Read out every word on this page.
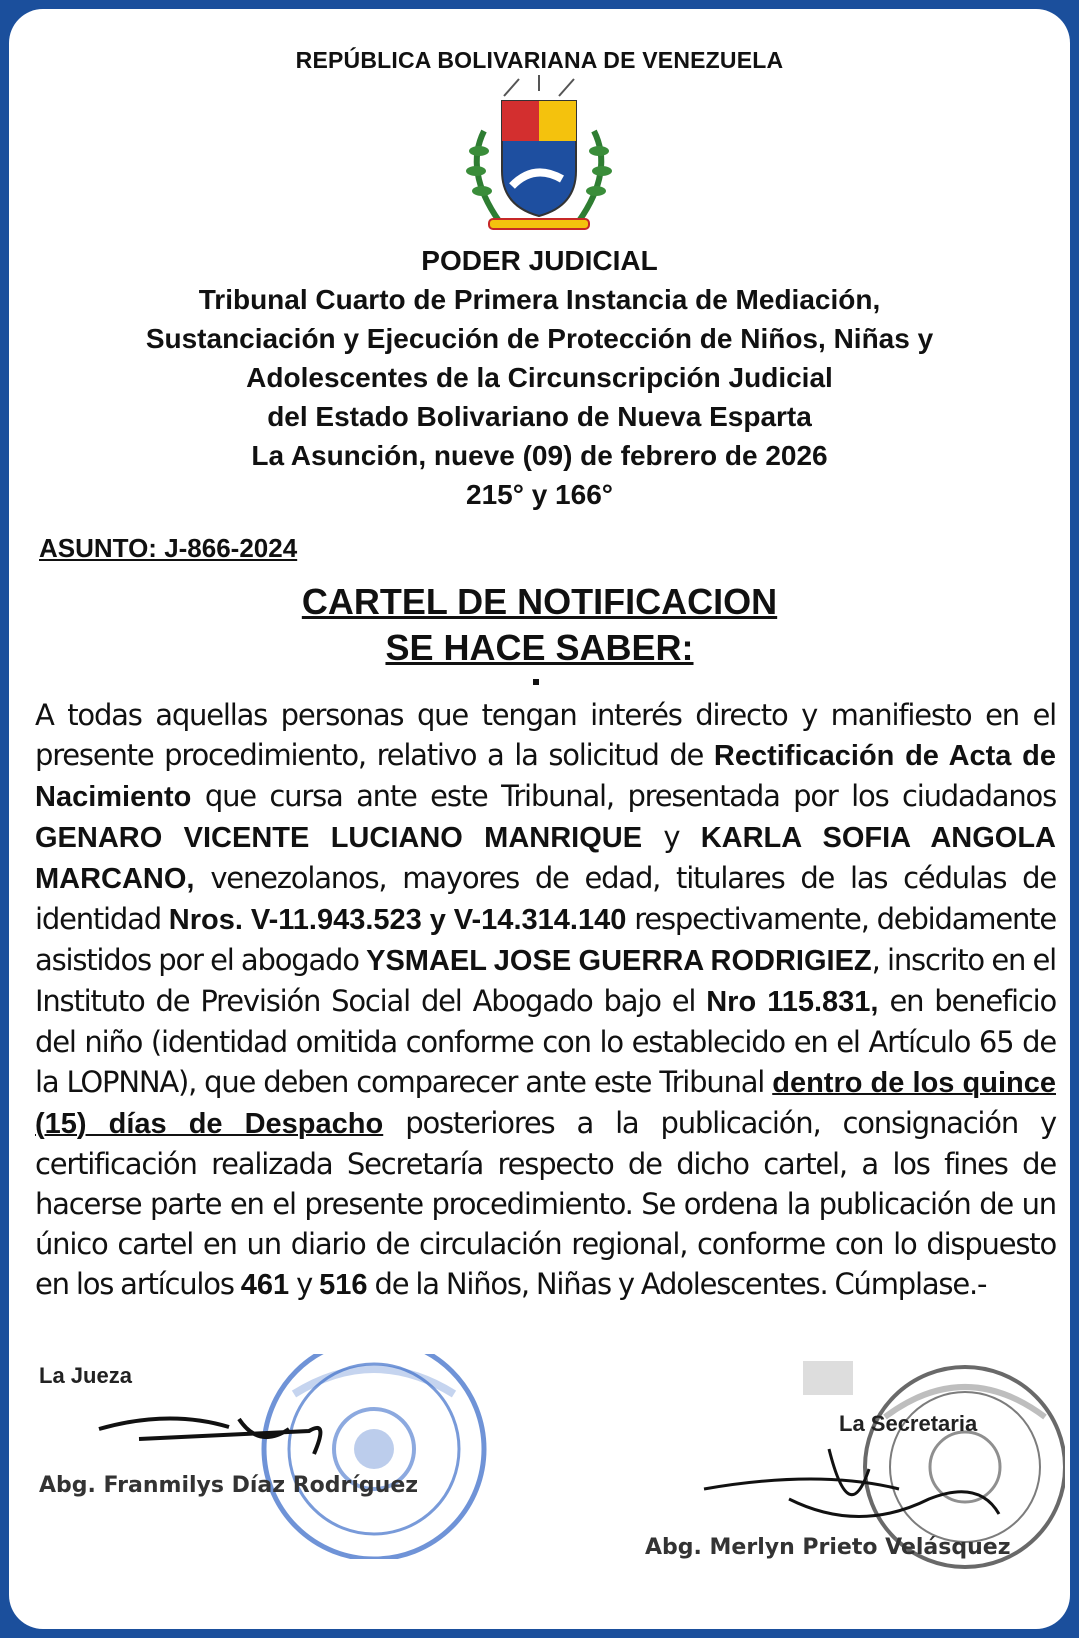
REPÚBLICA BOLIVARIANA DE VENEZUELA
PODER JUDICIAL
Tribunal Cuarto de Primera Instancia de Mediación,
Sustanciación y Ejecución de Protección de Niños, Niñas y
Adolescentes de la Circunscripción Judicial
del Estado Bolivariano de Nueva Esparta
La Asunción, nueve (09) de febrero de 2026
215° y 166°
ASUNTO: J-866-2024
CARTEL DE NOTIFICACION
SE HACE SABER:
A todas aquellas personas que tengan interés directo y manifiesto en el presente procedimiento, relativo a la solicitud de Rectificación de Acta de Nacimiento que cursa ante este Tribunal, presentada por los ciudadanos GENARO VICENTE LUCIANO MANRIQUE y KARLA SOFIA ANGOLA MARCANO, venezolanos, mayores de edad, titulares de las cédulas de identidad Nros. V-11.943.523 y V-14.314.140 respectivamente, debidamente asistidos por el abogado YSMAEL JOSE GUERRA RODRIGIEZ, inscrito en el Instituto de Previsión Social del Abogado bajo el Nro 115.831, en beneficio del niño (identidad omitida conforme con lo establecido en el Artículo 65 de la LOPNNA), que deben comparecer ante este Tribunal dentro de los quince (15) días de Despacho posteriores a la publicación, consignación y certificación realizada Secretaría respecto de dicho cartel, a los fines de hacerse parte en el presente procedimiento. Se ordena la publicación de un único cartel en un diario de circulación regional, conforme con lo dispuesto en los artículos 461 y 516 de la Niños, Niñas y Adolescentes. Cúmplase.-
La Jueza
Abg. Franmilys Díaz Rodríguez
La Secretaria
Abg. Merlyn Prieto Velásquez
